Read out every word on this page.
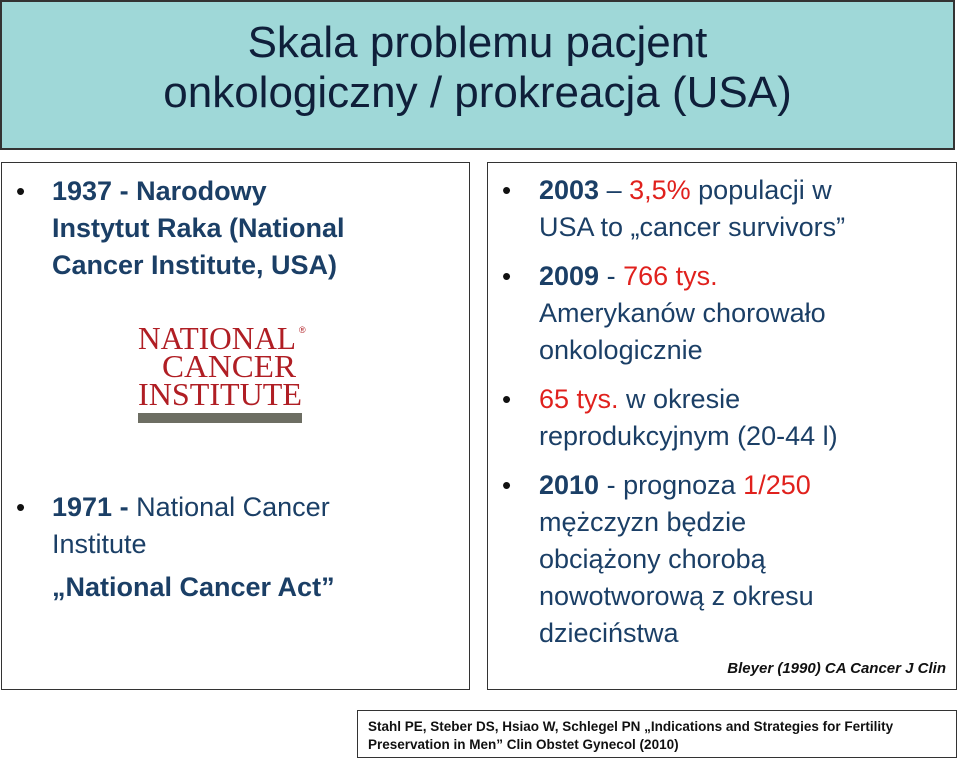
Skala problemu pacjent
onkologiczny / prokreacja (USA)
• 1937 - Narodowy
Instytut Raka (National
Cancer Institute, USA)
NATIONAL ®
CANCER
INSTITUTE
• 1971 - National Cancer
Institute
„National Cancer Act”
• 2003 – 3,5% populacji w
USA to „cancer survivors”
• 2009 - 766 tys.
Amerykanów chorowało
onkologicznie
• 65 tys. w okresie
reprodukcyjnym (20-44 l)
• 2010 - prognoza 1/250
mężczyzn będzie
obciążony chorobą
nowotworową z okresu
dzieciństwa
Bleyer (1990) CA Cancer J Clin
Stahl PE, Steber DS, Hsiao W, Schlegel PN „Indications and Strategies for Fertility
Preservation in Men” Clin Obstet Gynecol (2010)
